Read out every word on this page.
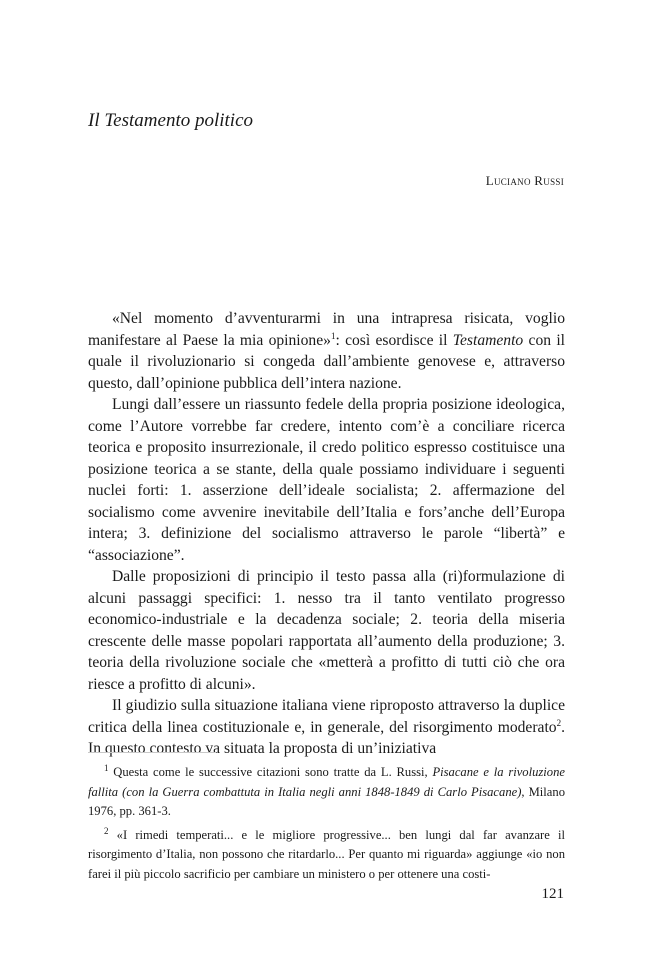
Il Testamento politico
Luciano Russi

«Nel momento d’avventurarmi in una intrapresa risicata, voglio manifestare al Paese la mia opinione»$^1$: così esordisce il Testamento con il quale il rivoluzionario si congeda dall’ambiente genovese e, attraverso questo, dall’opinione pubblica dell’intera nazione.

Lungi dall’essere un riassunto fedele della propria posizione ideologica, come l’Autore vorrebbe far credere, intento com’è a conciliare ricerca teorica e proposito insurrezionale, il credo politico espresso costituisce una posizione teorica a se stante, della quale possiamo individuare i seguenti nuclei forti: 1. asserzione dell’ideale socialista; 2. affermazione del socialismo come avvenire inevitabile dell’Italia e fors’anche dell’Europa intera; 3. definizione del socialismo attraverso le parole “libertà” e “associazione”.

Dalle proposizioni di principio il testo passa alla (ri)formulazione di alcuni passaggi specifici: 1. nesso tra il tanto ventilato progresso economico-industriale e la decadenza sociale; 2. teoria della miseria crescente delle masse popolari rapportata all’aumento della produzione; 3. teoria della rivoluzione sociale che «metterà a profitto di tutti ciò che ora riesce a profitto di alcuni».

Il giudizio sulla situazione italiana viene riproposto attraverso la duplice critica della linea costituzionale e, in generale, del risorgimento moderato$^2$. In questo contesto va situata la proposta di un’iniziativa

$^1$ Questa come le successive citazioni sono tratte da L. Russi, Pisacane e la rivoluzione fallita (con la Guerra combattuta in Italia negli anni 1848-1849 di Carlo Pisacane), Milano 1976, pp. 361-3.

$^2$ «I rimedi temperati... e le migliore progressive... ben lungi dal far avanzare il risorgimento d’Italia, non possono che ritardarlo... Per quanto mi riguarda» aggiunge «io non farei il più piccolo sacrificio per cambiare un ministero o per ottenere una costi-

121
